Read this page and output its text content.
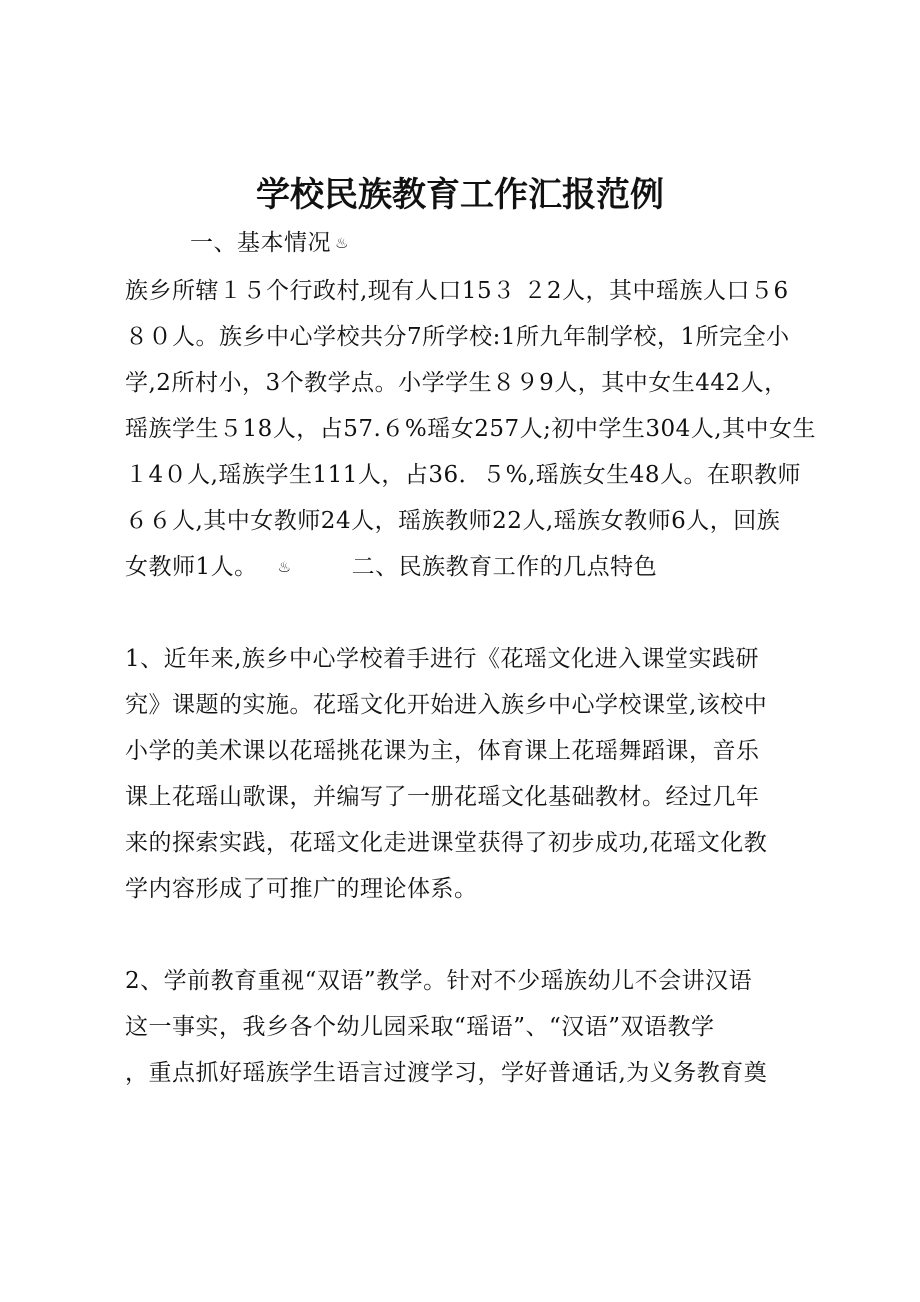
学校民族教育工作汇报范例
一、基本情况 ♨
族乡所辖１５个行政村,现有人口15３ ２2人，其中瑶族人口５6
８０人。族乡中心学校共分7所学校:1所九年制学校，1所完全小
学,2所村小，3个教学点。小学学生８９9人，其中女生442人，
瑶族学生５18人，占57.６%瑶女257人;初中学生304人,其中女生
１4０人,瑶族学生111人，占36．５%,瑶族女生48人。在职教师
６６人,其中女教师24人，瑶族教师22人,瑶族女教师6人，回族
女教师1人。 ♨	二、民族教育工作的几点特色
1、近年来,族乡中心学校着手进行《花瑶文化进入课堂实践研
究》课题的实施。花瑶文化开始进入族乡中心学校课堂,该校中
小学的美术课以花瑶挑花课为主，体育课上花瑶舞蹈课，音乐
课上花瑶山歌课，并编写了一册花瑶文化基础教材。经过几年
来的探索实践，花瑶文化走进课堂获得了初步成功,花瑶文化教
学内容形成了可推广的理论体系。
2、学前教育重视“双语”教学。针对不少瑶族幼儿不会讲汉语
这一事实，我乡各个幼儿园采取“瑶语”、“汉语”双语教学
，重点抓好瑶族学生语言过渡学习，学好普通话,为义务教育奠
